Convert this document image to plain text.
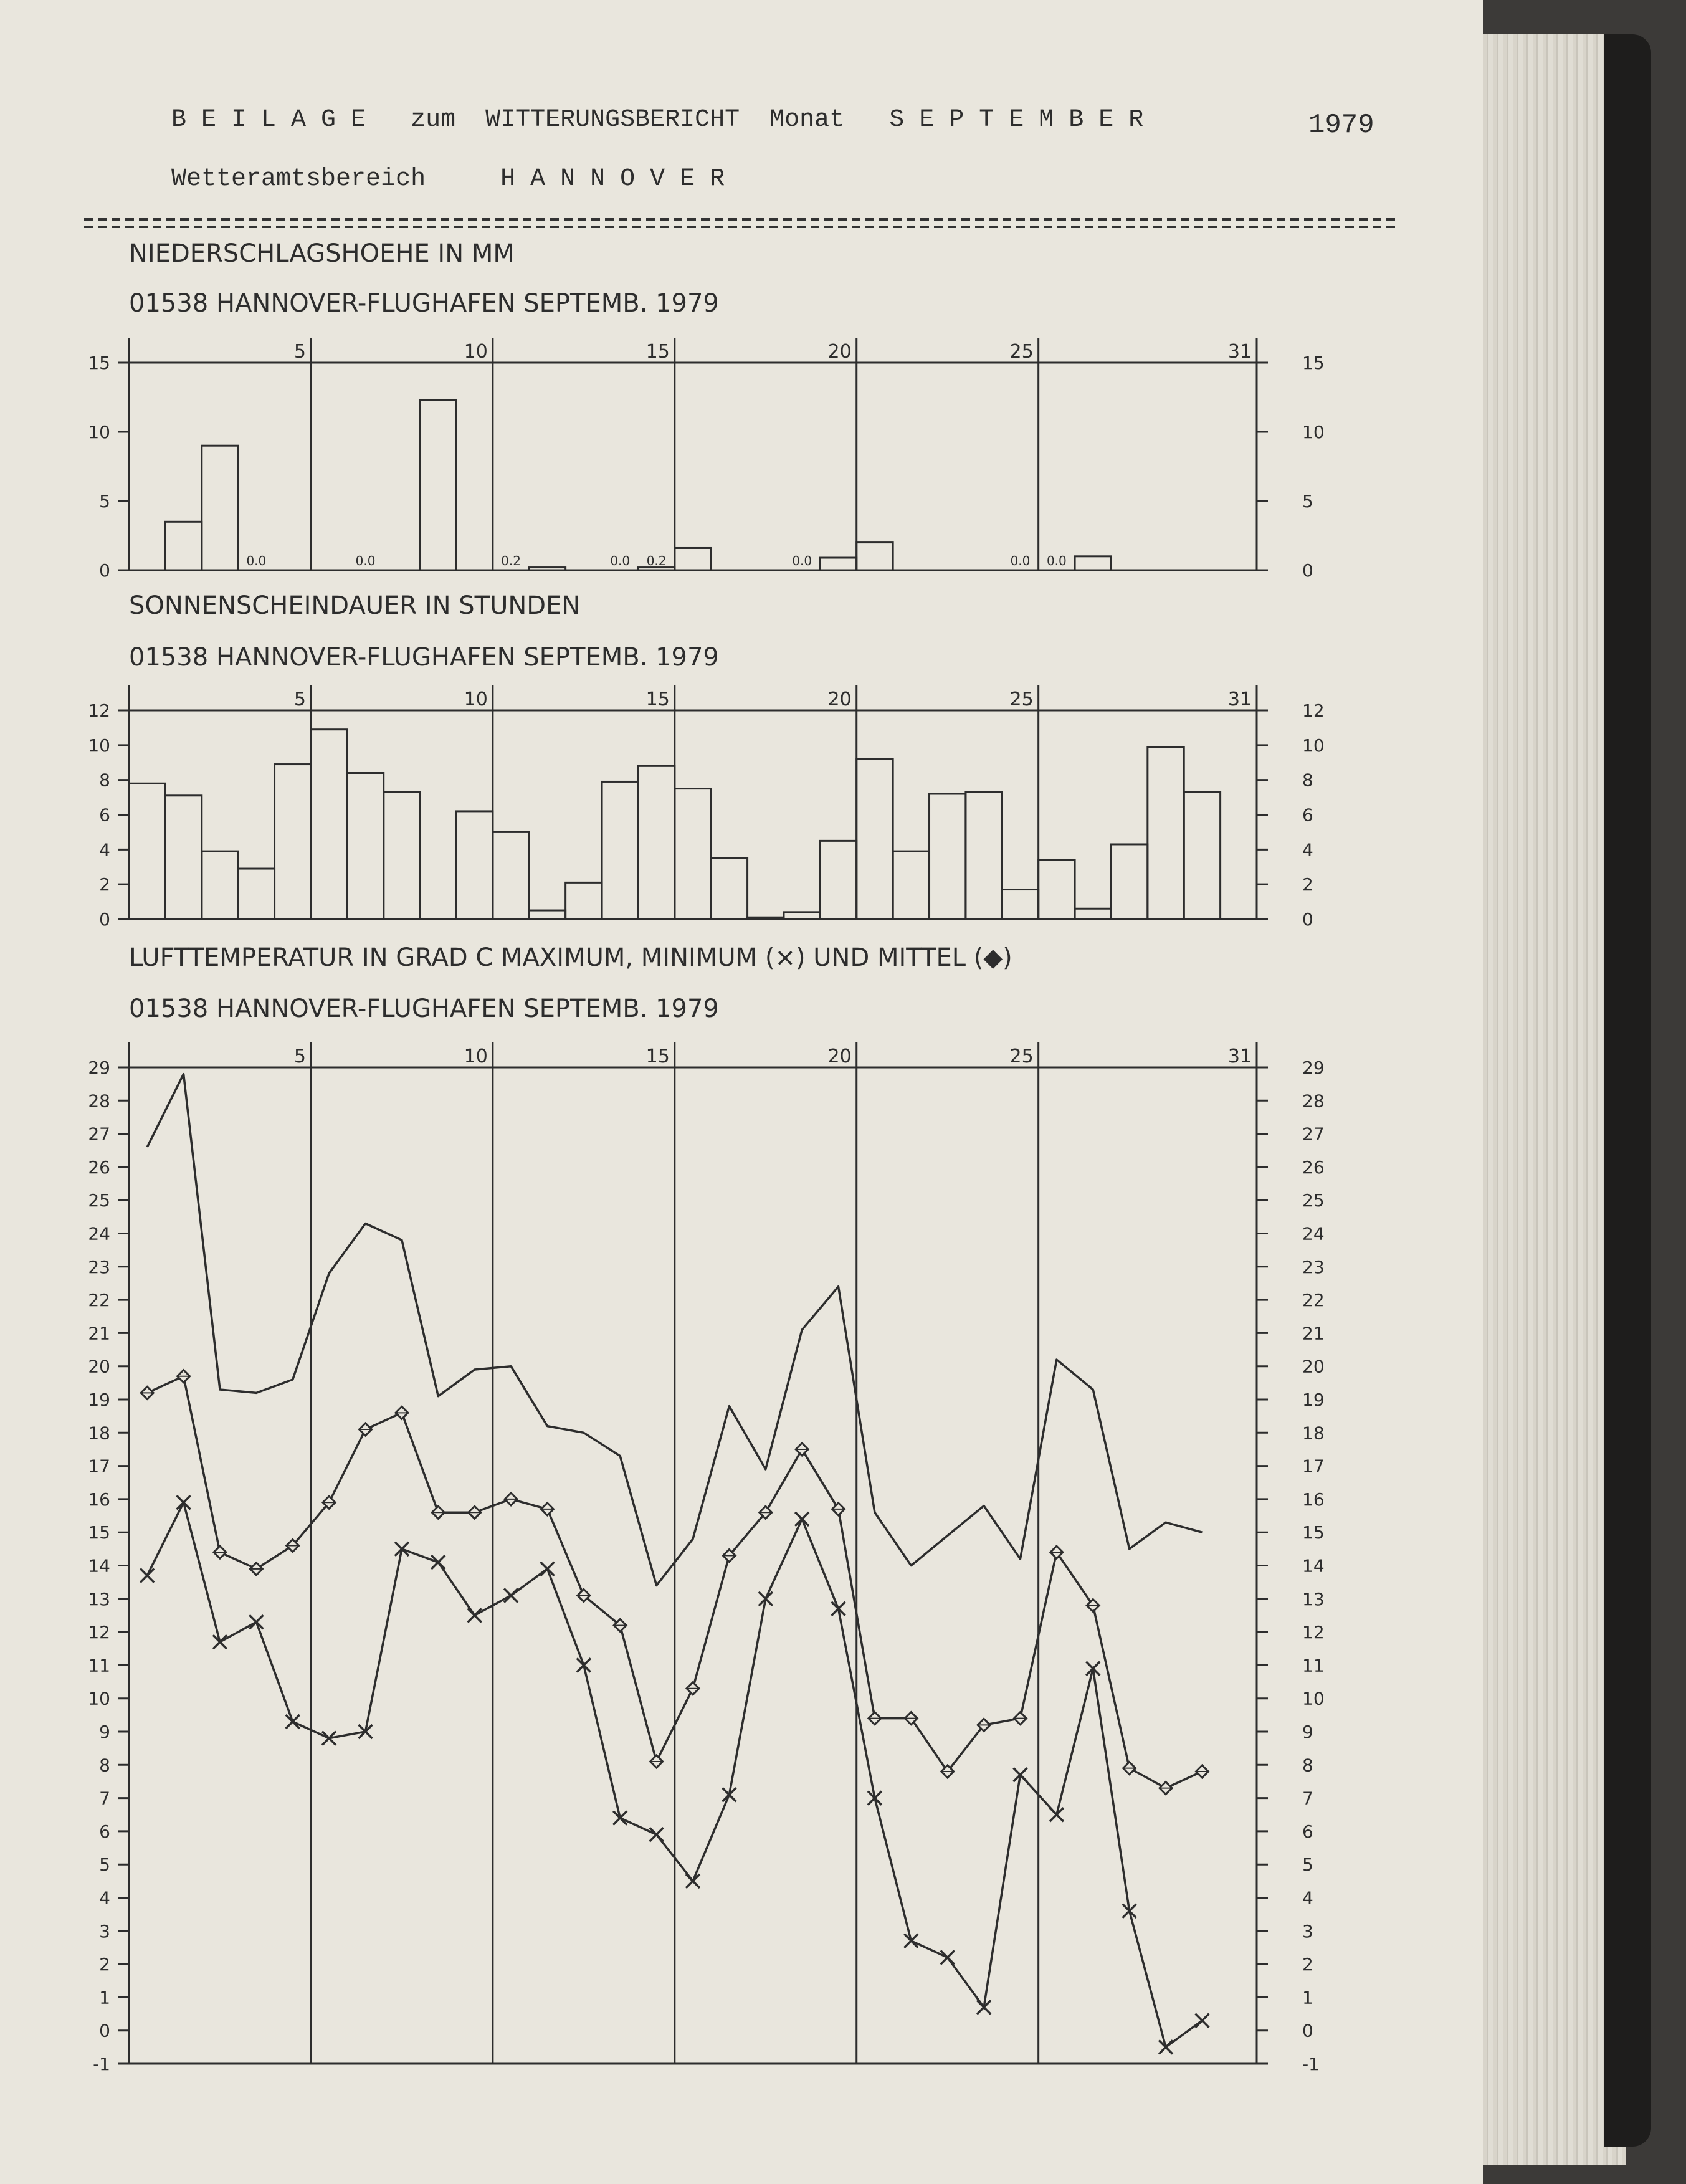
B E I L A G E   zum  WITTERUNGSBERICHT  Monat   S E P T E M B E R	1979
Wetteramtsbereich     H A N N O V E R
NIEDERSCHLAGSHOEHE IN MM
01538 HANNOVER-FLUGHAFEN SEPTEMB. 1979
5	10	15	20	25	31
0	0
5	5
10	10
15	15
0.0	0.0	0.2	0.0 0.2	0.0	0.0 0.0
SONNENSCHEINDAUER IN STUNDEN
01538 HANNOVER-FLUGHAFEN SEPTEMB. 1979
5	10	15	20	25	31
0	0
2	2
4	4
6	6
8	8
10	10
12	12
LUFTTEMPERATUR IN GRAD C MAXIMUM, MINIMUM (×) UND MITTEL (◆)
01538 HANNOVER-FLUGHAFEN SEPTEMB. 1979
5	10	15	20	25	31
-1	-1
0	0
1	1
2	2
3	3
4	4
5	5
6	6
7	7
8	8
9	9
10	10
11	11
12	12
13	13
14	14
15	15
16	16
17	17
18	18
19	19
20	20
21	21
22	22
23	23
24	24
25	25
26	26
27	27
28	28
29	29
